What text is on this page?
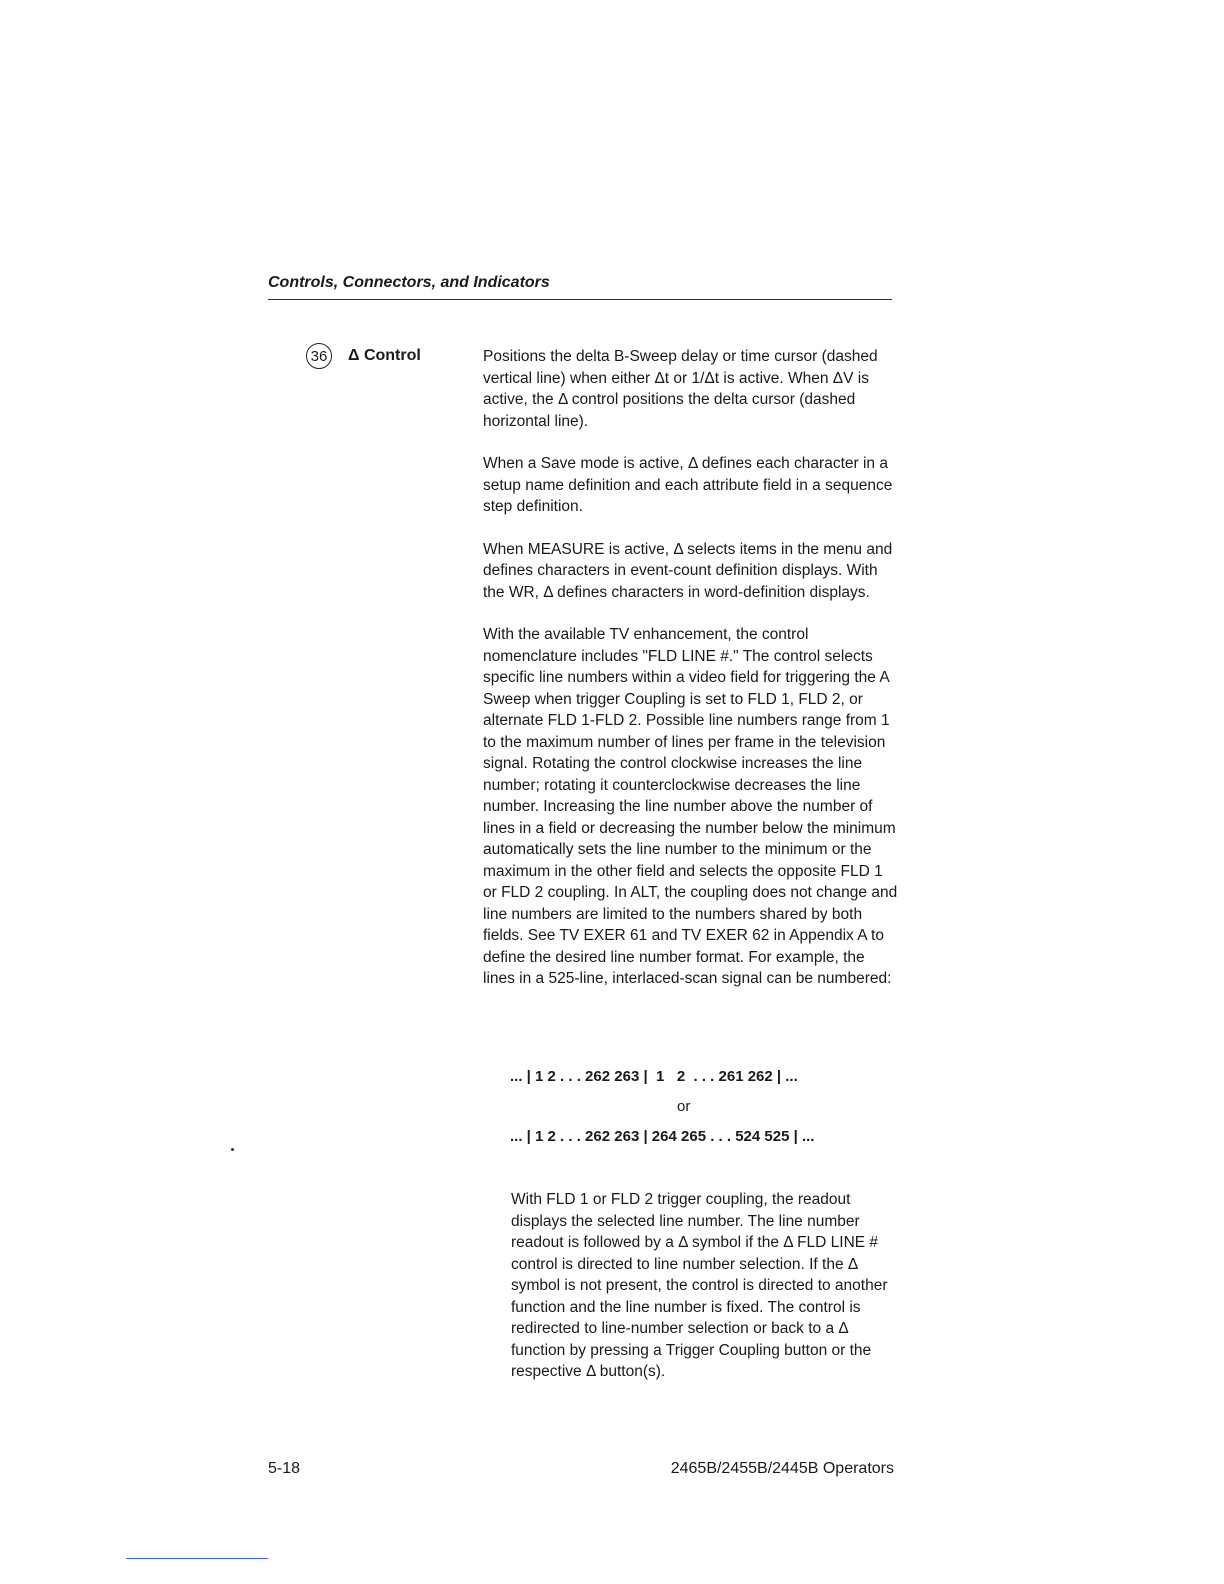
Controls, Connectors, and Indicators
36 Δ Control	Positions the delta B-Sweep delay or time cursor (dashed vertical line) when either Δt or 1/Δt is active. When ΔV is active, the Δ control positions the delta cursor (dashed horizontal line).

When a Save mode is active, Δ defines each character in a setup name definition and each attribute field in a sequence step definition.

When MEASURE is active, Δ selects items in the menu and defines characters in event-count definition displays. With the WR, Δ defines characters in word-definition displays.

With the available TV enhancement, the control nomenclature includes "FLD LINE #." The control selects specific line numbers within a video field for triggering the A Sweep when trigger Coupling is set to FLD 1, FLD 2, or alternate FLD 1-FLD 2. Possible line numbers range from 1 to the maximum number of lines per frame in the television signal. Rotating the control clockwise increases the line number; rotating it counterclockwise decreases the line number. Increasing the line number above the number of lines in a field or decreasing the number below the minimum automatically sets the line number to the minimum or the maximum in the other field and selects the opposite FLD 1 or FLD 2 coupling. In ALT, the coupling does not change and line numbers are limited to the numbers shared by both fields. See TV EXER 61 and TV EXER 62 in Appendix A to define the desired line number format. For example, the lines in a 525-line, interlaced-scan signal can be numbered:

... | 1 2 . . . 262 263 |  1   2  . . . 261 262 | ...
or
... | 1 2 . . . 262 263 | 264 265 . . . 524 525 | ...

With FLD 1 or FLD 2 trigger coupling, the readout displays the selected line number. The line number readout is followed by a Δ symbol if the Δ FLD LINE # control is directed to line number selection. If the Δ symbol is not present, the control is directed to another function and the line number is fixed. The control is redirected to line-number selection or back to a Δ function by pressing a Trigger Coupling button or the respective Δ button(s).

5-18	2465B/2455B/2445B Operators
